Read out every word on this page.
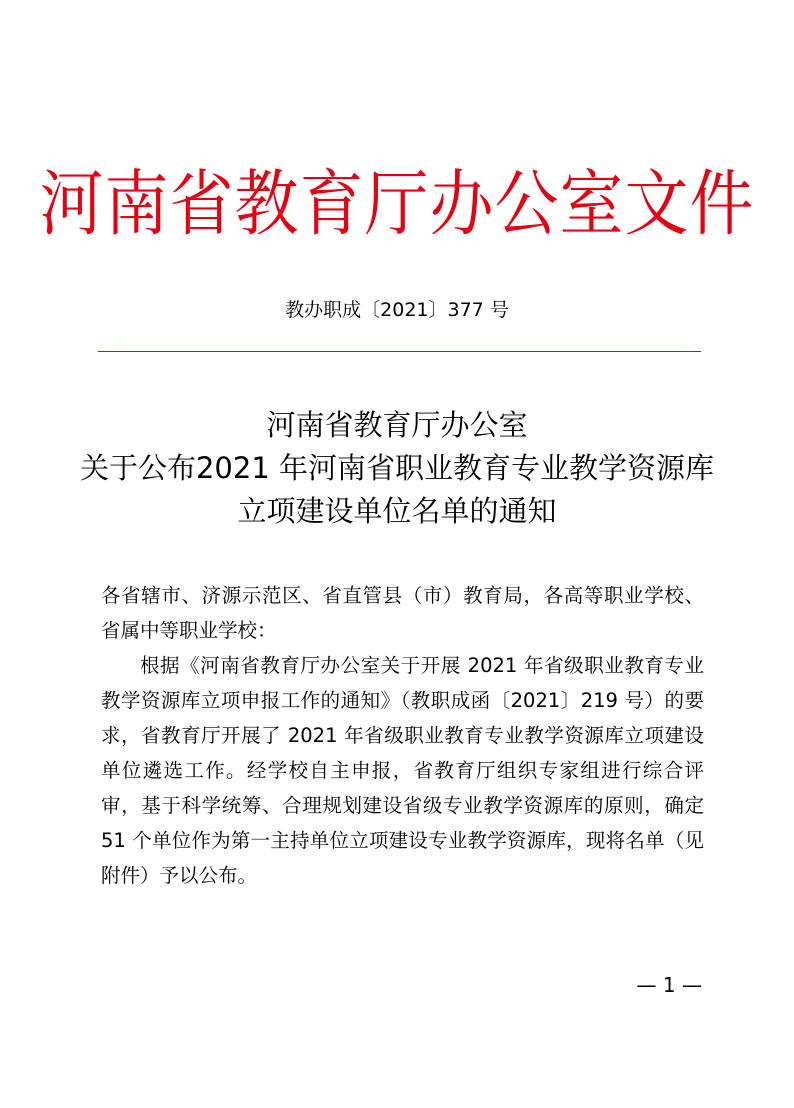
河南省教育厅办公室文件
教办职成〔2021〕377 号
河南省教育厅办公室
关于公布2021 年河南省职业教育专业教学资源库
立项建设单位名单的通知

各省辖市、济源示范区、省直管县（市）教育局，各高等职业学校、省属中等职业学校：

根据《河南省教育厅办公室关于开展 2021 年省级职业教育专业教学资源库立项申报工作的通知》（教职成函〔2021〕219 号）的要求，省教育厅开展了 2021 年省级职业教育专业教学资源库立项建设单位遴选工作。经学校自主申报，省教育厅组织专家组进行综合评审，基于科学统筹、合理规划建设省级专业教学资源库的原则，确定 51 个单位作为第一主持单位立项建设专业教学资源库，现将名单（见附件）予以公布。

— 1 —
